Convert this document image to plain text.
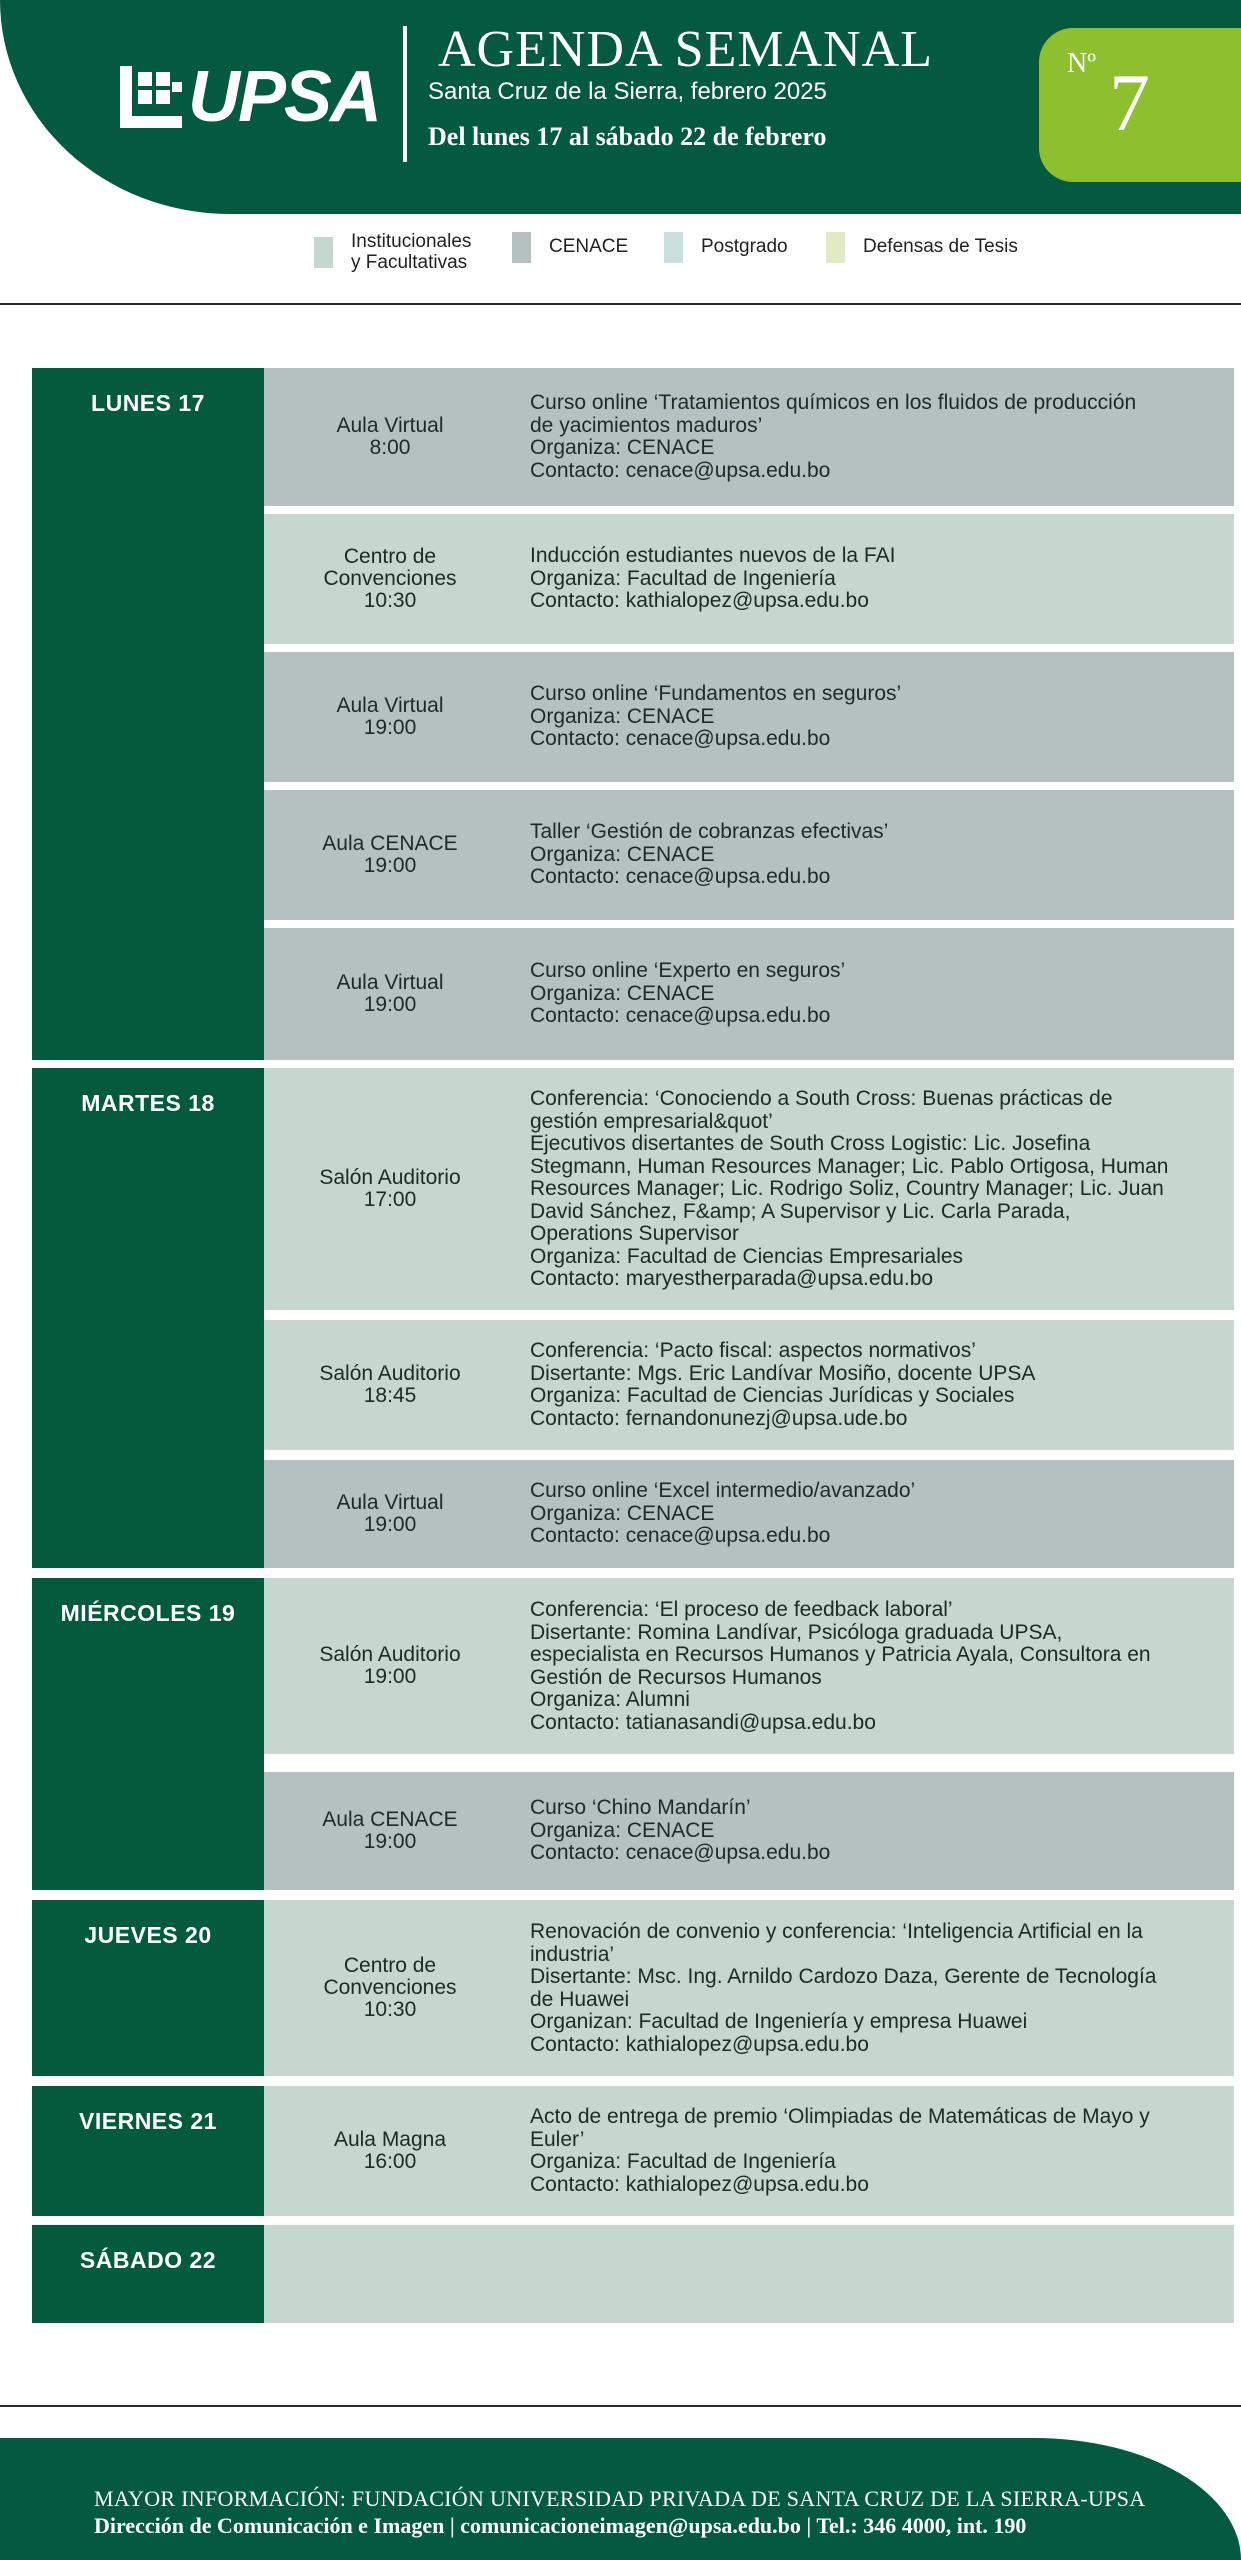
UPSA
AGENDA SEMANAL
Santa Cruz de la Sierra, febrero 2025
Del lunes 17 al sábado 22 de febrero
Nº 7
Institucionales
y Facultativas
CENACE	Postgrado	Defensas de Tesis
LUNES 17
Aula Virtual
8:00
Curso online ‘Tratamientos químicos en los fluidos de producción
de yacimientos maduros’
Organiza: CENACE
Contacto: cenace@upsa.edu.bo
Centro de
Convenciones
10:30
Inducción estudiantes nuevos de la FAI
Organiza: Facultad de Ingeniería
Contacto: kathialopez@upsa.edu.bo
Aula Virtual
19:00
Curso online ‘Fundamentos en seguros’
Organiza: CENACE
Contacto: cenace@upsa.edu.bo
Aula CENACE
19:00
Taller ‘Gestión de cobranzas efectivas’
Organiza: CENACE
Contacto: cenace@upsa.edu.bo
Aula Virtual
19:00
Curso online ‘Experto en seguros’
Organiza: CENACE
Contacto: cenace@upsa.edu.bo
MARTES 18
Salón Auditorio
17:00
Conferencia: ‘Conociendo a South Cross: Buenas prácticas de
gestión empresarial&quot’
Ejecutivos disertantes de South Cross Logistic: Lic. Josefina
Stegmann, Human Resources Manager; Lic. Pablo Ortigosa, Human
Resources Manager; Lic. Rodrigo Soliz, Country Manager; Lic. Juan
David Sánchez, F&amp; A Supervisor y Lic. Carla Parada,
Operations Supervisor
Organiza: Facultad de Ciencias Empresariales
Contacto: maryestherparada@upsa.edu.bo
Salón Auditorio
18:45
Conferencia: ‘Pacto fiscal: aspectos normativos’
Disertante: Mgs. Eric Landívar Mosiño, docente UPSA
Organiza: Facultad de Ciencias Jurídicas y Sociales
Contacto: fernandonunezj@upsa.ude.bo
Aula Virtual
19:00
Curso online ‘Excel intermedio/avanzado’
Organiza: CENACE
Contacto: cenace@upsa.edu.bo
MIÉRCOLES 19
Salón Auditorio
19:00
Conferencia: ‘El proceso de feedback laboral’
Disertante: Romina Landívar, Psicóloga graduada UPSA,
especialista en Recursos Humanos y Patricia Ayala, Consultora en
Gestión de Recursos Humanos
Organiza: Alumni
Contacto: tatianasandi@upsa.edu.bo
Aula CENACE
19:00
Curso ‘Chino Mandarín’
Organiza: CENACE
Contacto: cenace@upsa.edu.bo
JUEVES 20
Centro de
Convenciones
10:30
Renovación de convenio y conferencia: ‘Inteligencia Artificial en la
industria’
Disertante: Msc. Ing. Arnildo Cardozo Daza, Gerente de Tecnología
de Huawei
Organizan: Facultad de Ingeniería y empresa Huawei
Contacto: kathialopez@upsa.edu.bo
VIERNES 21
Aula Magna
16:00
Acto de entrega de premio ‘Olimpiadas de Matemáticas de Mayo y
Euler’
Organiza: Facultad de Ingeniería
Contacto: kathialopez@upsa.edu.bo
SÁBADO 22
MAYOR INFORMACIÓN: FUNDACIÓN UNIVERSIDAD PRIVADA DE SANTA CRUZ DE LA SIERRA-UPSA
Dirección de Comunicación e Imagen | comunicacioneimagen@upsa.edu.bo | Tel.: 346 4000, int. 190
